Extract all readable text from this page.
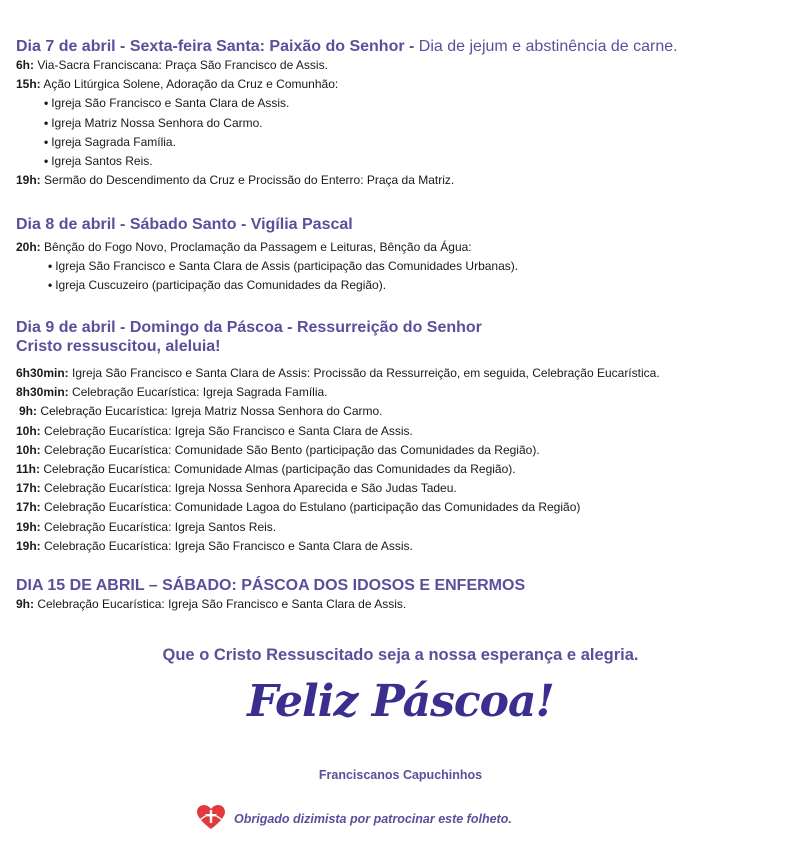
Dia 7 de abril - Sexta-feira Santa: Paixão do Senhor - Dia de jejum e abstinência de carne.
6h: Via-Sacra Franciscana: Praça São Francisco de Assis.
15h: Ação Litúrgica Solene, Adoração da Cruz e Comunhão:
• Igreja São Francisco e Santa Clara de Assis.
• Igreja Matriz Nossa Senhora do Carmo.
• Igreja Sagrada Família.
• Igreja Santos Reis.
19h: Sermão do Descendimento da Cruz e Procissão do Enterro: Praça da Matriz.
Dia 8 de abril - Sábado Santo - Vigília Pascal
20h: Bênção do Fogo Novo, Proclamação da Passagem e Leituras, Bênção da Água:
• Igreja São Francisco e Santa Clara de Assis (participação das Comunidades Urbanas).
• Igreja Cuscuzeiro (participação das Comunidades da Região).
Dia 9 de abril - Domingo da Páscoa - Ressurreição do Senhor
Cristo ressuscitou, aleluia!
6h30min: Igreja São Francisco e Santa Clara de Assis: Procissão da Ressurreição, em seguida, Celebração Eucarística.
8h30min: Celebração Eucarística: Igreja Sagrada Família.
9h: Celebração Eucarística: Igreja Matriz Nossa Senhora do Carmo.
10h: Celebração Eucarística: Igreja São Francisco e Santa Clara de Assis.
10h: Celebração Eucarística: Comunidade São Bento (participação das Comunidades da Região).
11h: Celebração Eucarística: Comunidade Almas (participação das Comunidades da Região).
17h: Celebração Eucarística: Igreja Nossa Senhora Aparecida e São Judas Tadeu.
17h: Celebração Eucarística: Comunidade Lagoa do Estulano (participação das Comunidades da Região)
19h: Celebração Eucarística: Igreja Santos Reis.
19h: Celebração Eucarística: Igreja São Francisco e Santa Clara de Assis.
DIA 15 DE ABRIL – SÁBADO: PÁSCOA DOS IDOSOS E ENFERMOS
9h: Celebração Eucarística: Igreja São Francisco e Santa Clara de Assis.
Que o Cristo Ressuscitado seja a nossa esperança e alegria.
Feliz Páscoa!
Franciscanos Capuchinhos
Obrigado dizimista por patrocinar este folheto.
